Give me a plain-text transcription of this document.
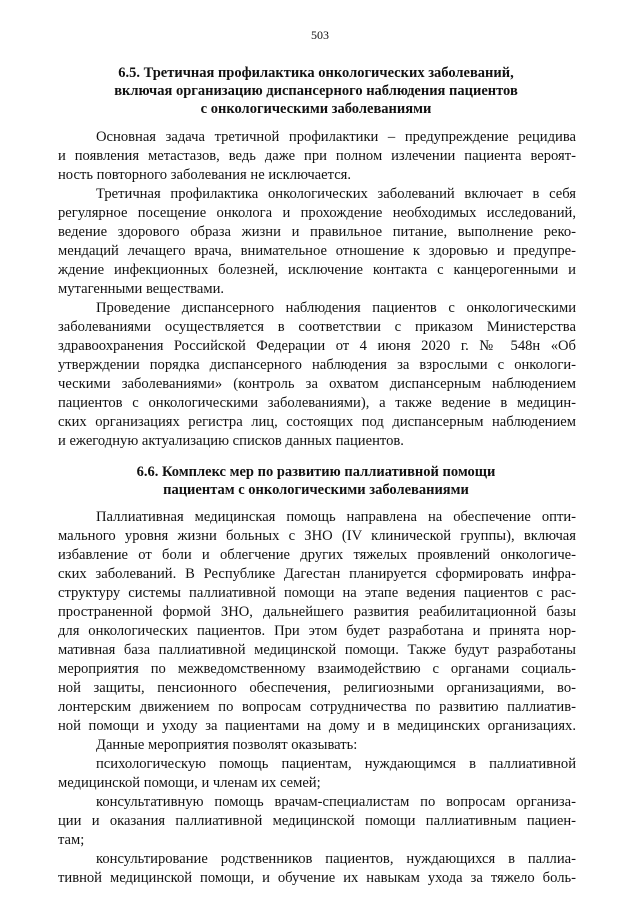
503
6.5. Третичная профилактика онкологических заболеваний,
включая организацию диспансерного наблюдения пациентов
с онкологическими заболеваниями
Основная задача третичной профилактики – предупреждение рецидива
и появления метастазов, ведь даже при полном излечении пациента вероят-
ность повторного заболевания не исключается.
Третичная профилактика онкологических заболеваний включает в себя
регулярное посещение онколога и прохождение необходимых исследований,
ведение здорового образа жизни и правильное питание, выполнение реко-
мендаций лечащего врача, внимательное отношение к здоровью и предупре-
ждение инфекционных болезней, исключение контакта с канцерогенными и
мутагенными веществами.
Проведение диспансерного наблюдения пациентов с онкологическими
заболеваниями осуществляется в соответствии с приказом Министерства
здравоохранения Российской Федерации от 4 июня 2020 г. № 548н «Об
утверждении порядка диспансерного наблюдения за взрослыми с онкологи-
ческими заболеваниями» (контроль за охватом диспансерным наблюдением
пациентов с онкологическими заболеваниями), а также ведение в медицин-
ских организациях регистра лиц, состоящих под диспансерным наблюдением
и ежегодную актуализацию списков данных пациентов.
6.6. Комплекс мер по развитию паллиативной помощи
пациентам с онкологическими заболеваниями
Паллиативная медицинская помощь направлена на обеспечение опти-
мального уровня жизни больных с ЗНО (IV клинической группы), включая
избавление от боли и облегчение других тяжелых проявлений онкологиче-
ских заболеваний. В Республике Дагестан планируется сформировать инфра-
структуру системы паллиативной помощи на этапе ведения пациентов с рас-
пространенной формой ЗНО, дальнейшего развития реабилитационной базы
для онкологических пациентов. При этом будет разработана и принята нор-
мативная база паллиативной медицинской помощи. Также будут разработаны
мероприятия по межведомственному взаимодействию с органами социаль-
ной защиты, пенсионного обеспечения, религиозными организациями, во-
лонтерским движением по вопросам сотрудничества по развитию паллиатив-
ной помощи и уходу за пациентами на дому и в медицинских организациях.
Данные мероприятия позволят оказывать:
психологическую помощь пациентам, нуждающимся в паллиативной
медицинской помощи, и членам их семей;
консультативную помощь врачам-специалистам по вопросам организа-
ции и оказания паллиативной медицинской помощи паллиативным пациен-
там;
консультирование родственников пациентов, нуждающихся в паллиа-
тивной медицинской помощи, и обучение их навыкам ухода за тяжело боль-
